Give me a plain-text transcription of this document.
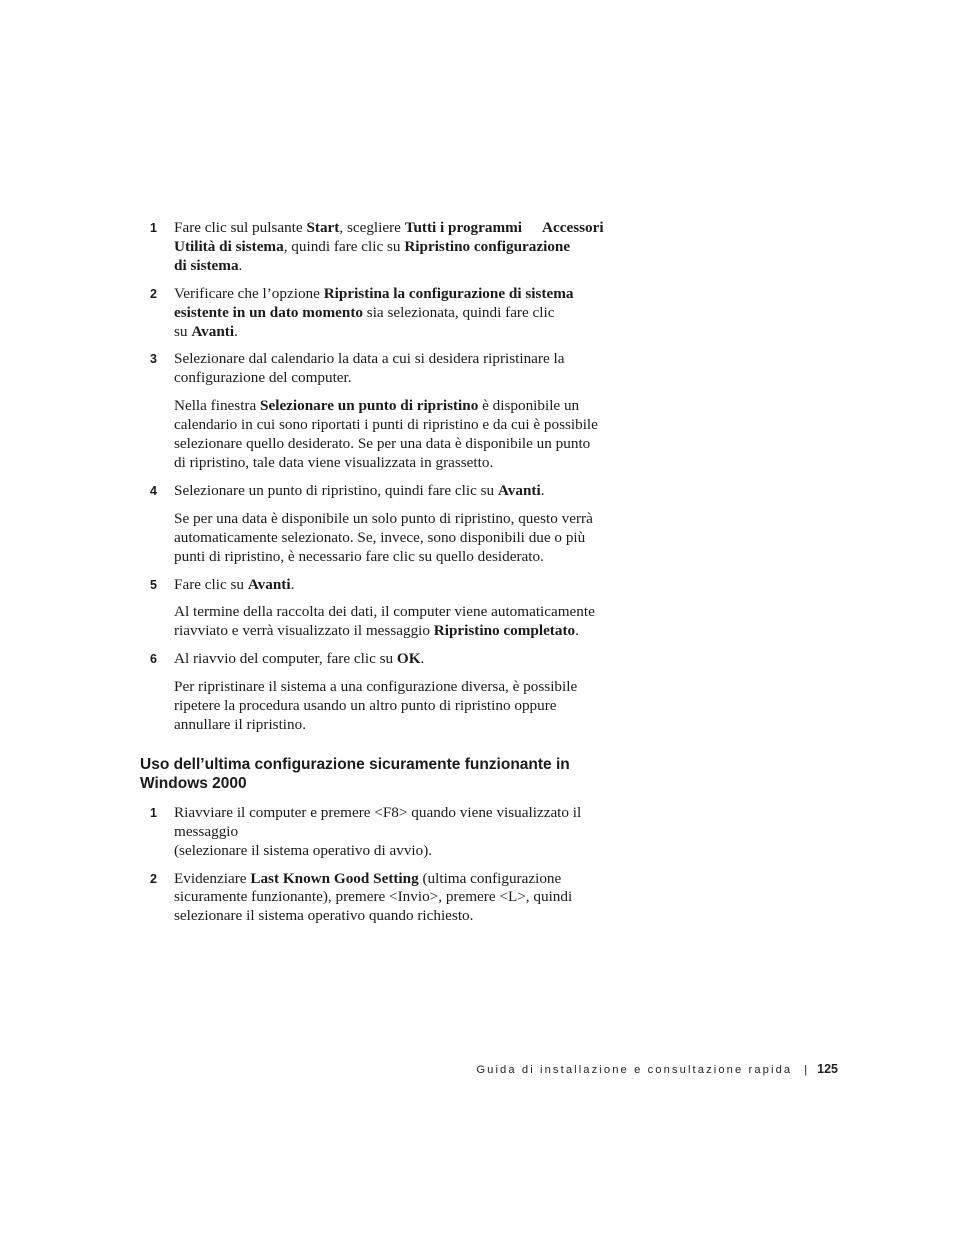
1 Fare clic sul pulsante Start, scegliere Tutti i programmi Accessori
Utilità di sistema, quindi fare clic su Ripristino configurazione
di sistema.
2 Verificare che l’opzione Ripristina la configurazione di sistema
esistente in un dato momento sia selezionata, quindi fare clic
su Avanti.
3 Selezionare dal calendario la data a cui si desidera ripristinare la
configurazione del computer.
Nella finestra Selezionare un punto di ripristino è disponibile un
calendario in cui sono riportati i punti di ripristino e da cui è possibile
selezionare quello desiderato. Se per una data è disponibile un punto
di ripristino, tale data viene visualizzata in grassetto.
4 Selezionare un punto di ripristino, quindi fare clic su Avanti.
Se per una data è disponibile un solo punto di ripristino, questo verrà
automaticamente selezionato. Se, invece, sono disponibili due o più
punti di ripristino, è necessario fare clic su quello desiderato.
5 Fare clic su Avanti.
Al termine della raccolta dei dati, il computer viene automaticamente
riavviato e verrà visualizzato il messaggio Ripristino completato.
6 Al riavvio del computer, fare clic su OK.
Per ripristinare il sistema a una configurazione diversa, è possibile
ripetere la procedura usando un altro punto di ripristino oppure
annullare il ripristino.
Uso dell’ultima configurazione sicuramente funzionante in Windows 2000
1 Riavviare il computer e premere <F8> quando viene visualizzato il
messaggio
(selezionare il sistema operativo di avvio).
2 Evidenziare Last Known Good Setting (ultima configurazione
sicuramente funzionante), premere <Invio>, premere <L>, quindi
selezionare il sistema operativo quando richiesto.
Guida di installazione e consultazione rapida | 125
